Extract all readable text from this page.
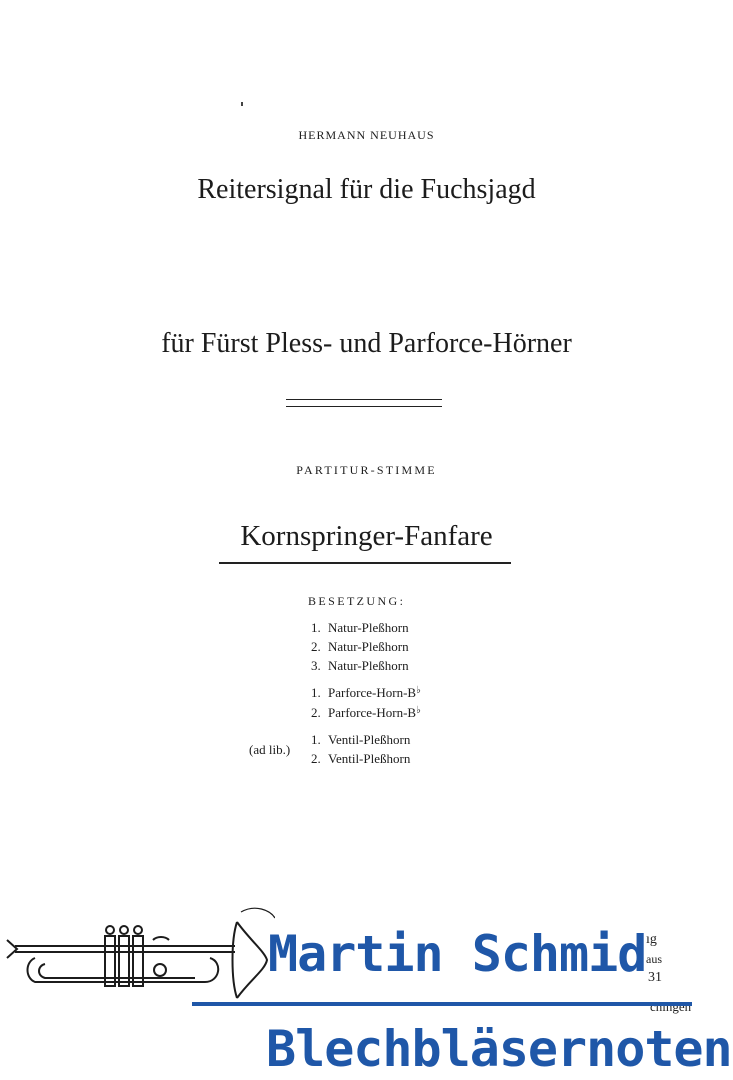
HERMANN NEUHAUS
Reitersignal für die Fuchsjagd
für Fürst Pless- und Parforce-Hörner
PARTITUR-STIMME
Kornspringer-Fanfare
BESETZUNG:
1. Natur-Pleßhorn
2. Natur-Pleßhorn
3. Natur-Pleßhorn
1. Parforce-Horn-B♭
2. Parforce-Horn-B♭
(ad lib.)
1. Ventil-Pleßhorn
2. Ventil-Pleßhorn
ıg
aus
31
chingen
Martin Schmid
Blechbläsernoten
